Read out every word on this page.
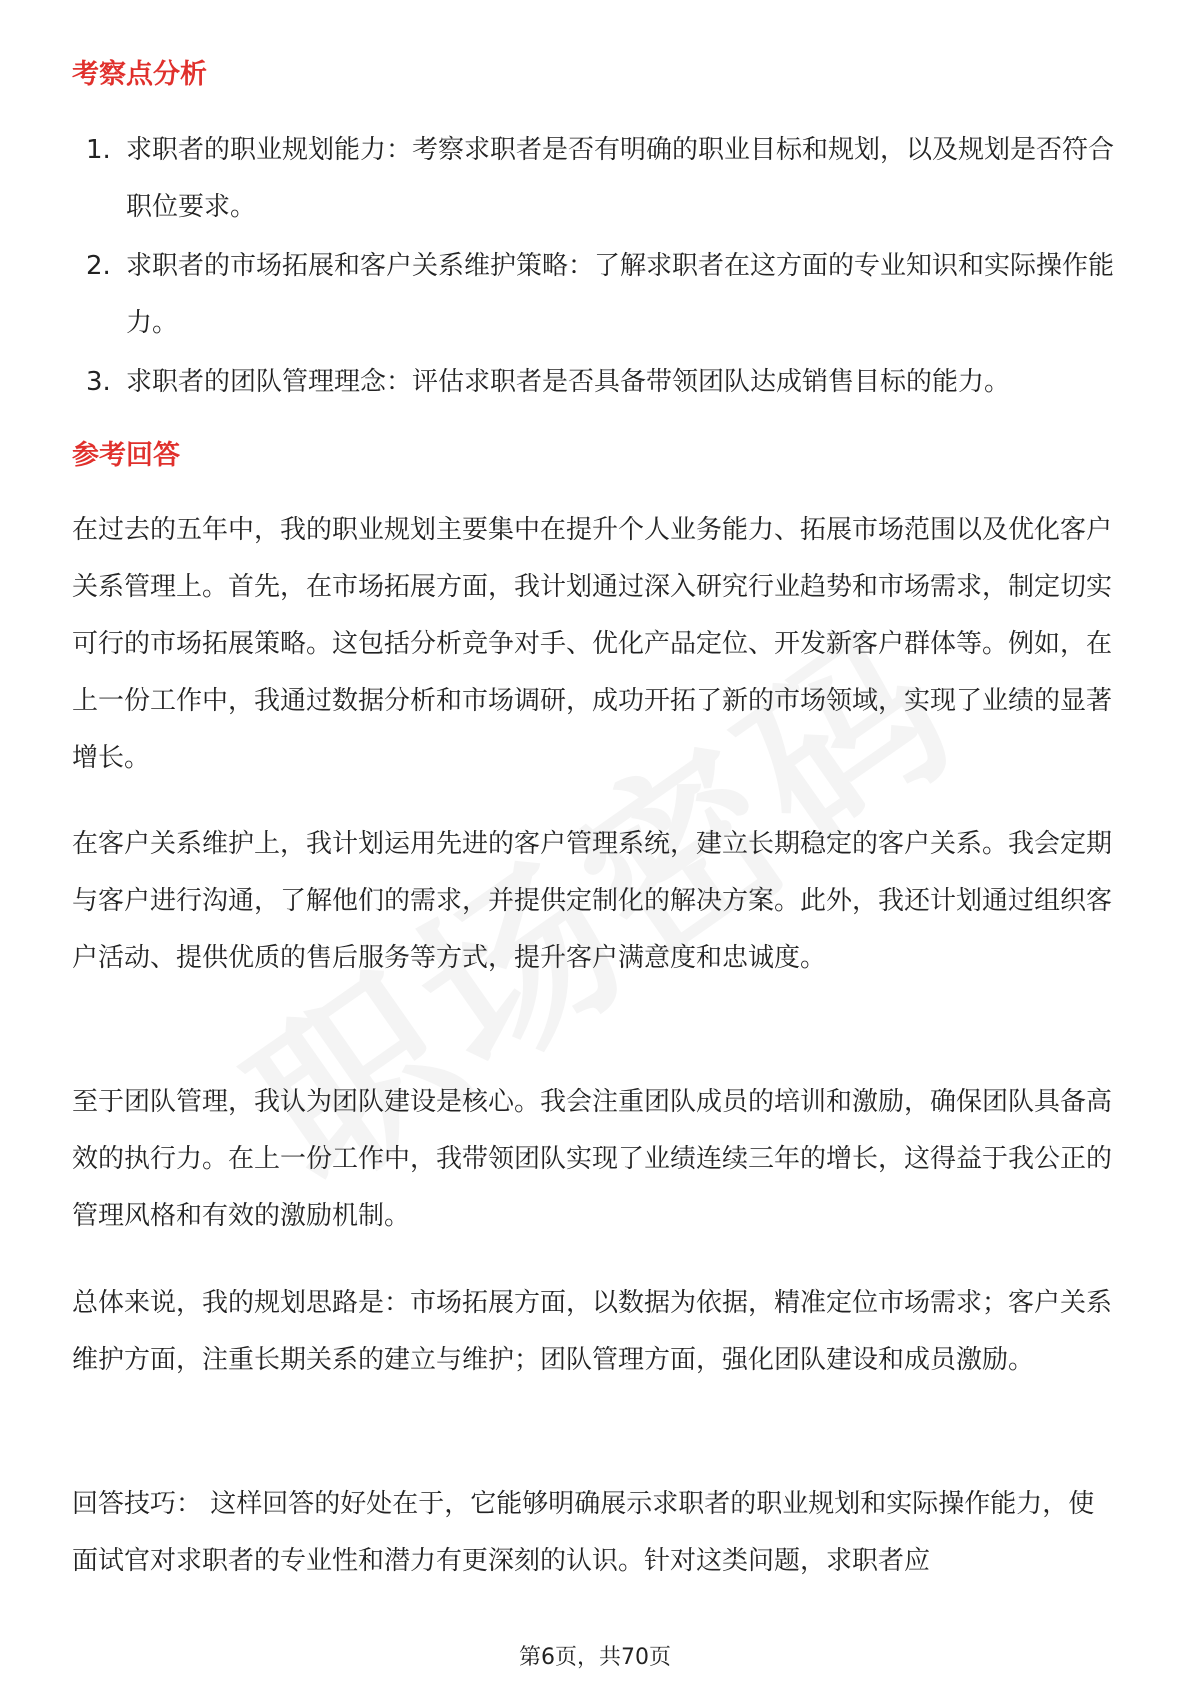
考察点分析
1. 求职者的职业规划能力：考察求职者是否有明确的职业目标和规划，以及规划是否符合职位要求。
2. 求职者的市场拓展和客户关系维护策略：了解求职者在这方面的专业知识和实际操作能力。
3. 求职者的团队管理理念：评估求职者是否具备带领团队达成销售目标的能力。
参考回答

在过去的五年中，我的职业规划主要集中在提升个人业务能力、拓展市场范围以及优化客户关系管理上。首先，在市场拓展方面，我计划通过深入研究行业趋势和市场需求，制定切实可行的市场拓展策略。这包括分析竞争对手、优化产品定位、开发新客户群体等。例如，在上一份工作中，我通过数据分析和市场调研，成功开拓了新的市场领域，实现了业绩的显著增长。

在客户关系维护上，我计划运用先进的客户管理系统，建立长期稳定的客户关系。我会定期与客户进行沟通，了解他们的需求，并提供定制化的解决方案。此外，我还计划通过组织客户活动、提供优质的售后服务等方式，提升客户满意度和忠诚度。

至于团队管理，我认为团队建设是核心。我会注重团队成员的培训和激励，确保团队具备高效的执行力。在上一份工作中，我带领团队实现了业绩连续三年的增长，这得益于我公正的管理风格和有效的激励机制。

总体来说，我的规划思路是：市场拓展方面，以数据为依据，精准定位市场需求；客户关系维护方面，注重长期关系的建立与维护；团队管理方面，强化团队建设和成员激励。

回答技巧： 这样回答的好处在于，它能够明确展示求职者的职业规划和实际操作能力，使面试官对求职者的专业性和潜力有更深刻的认识。针对这类问题，求职者应

第6页，共70页
